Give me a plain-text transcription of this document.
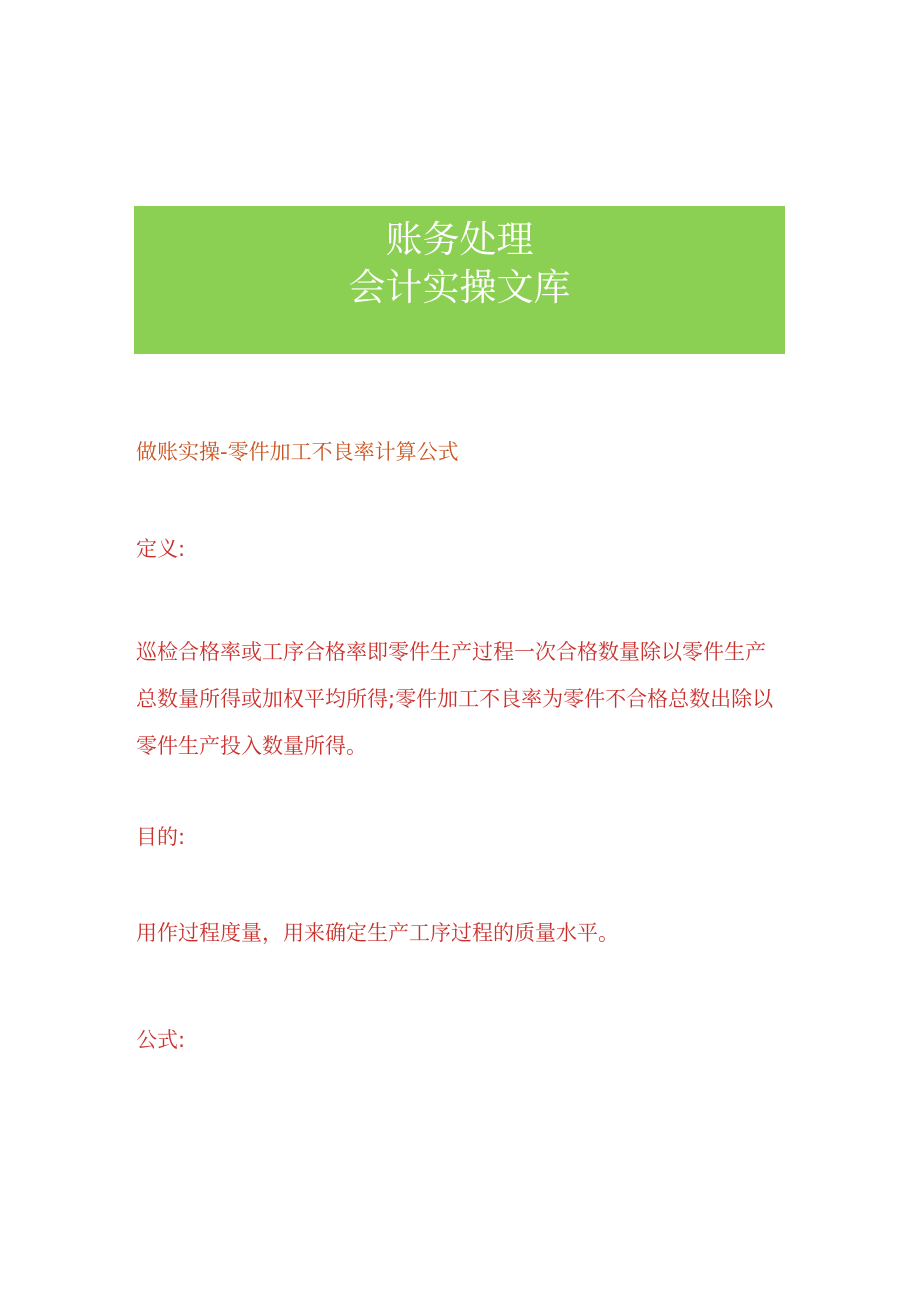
账务处理
会计实操文库
做账实操-零件加工不良率计算公式
定义:
巡检合格率或工序合格率即零件生产过程一次合格数量除以零件生产总数量所得或加权平均所得;零件加工不良率为零件不合格总数出除以零件生产投入数量所得。
目的:
用作过程度量，用来确定生产工序过程的质量水平。
公式:
